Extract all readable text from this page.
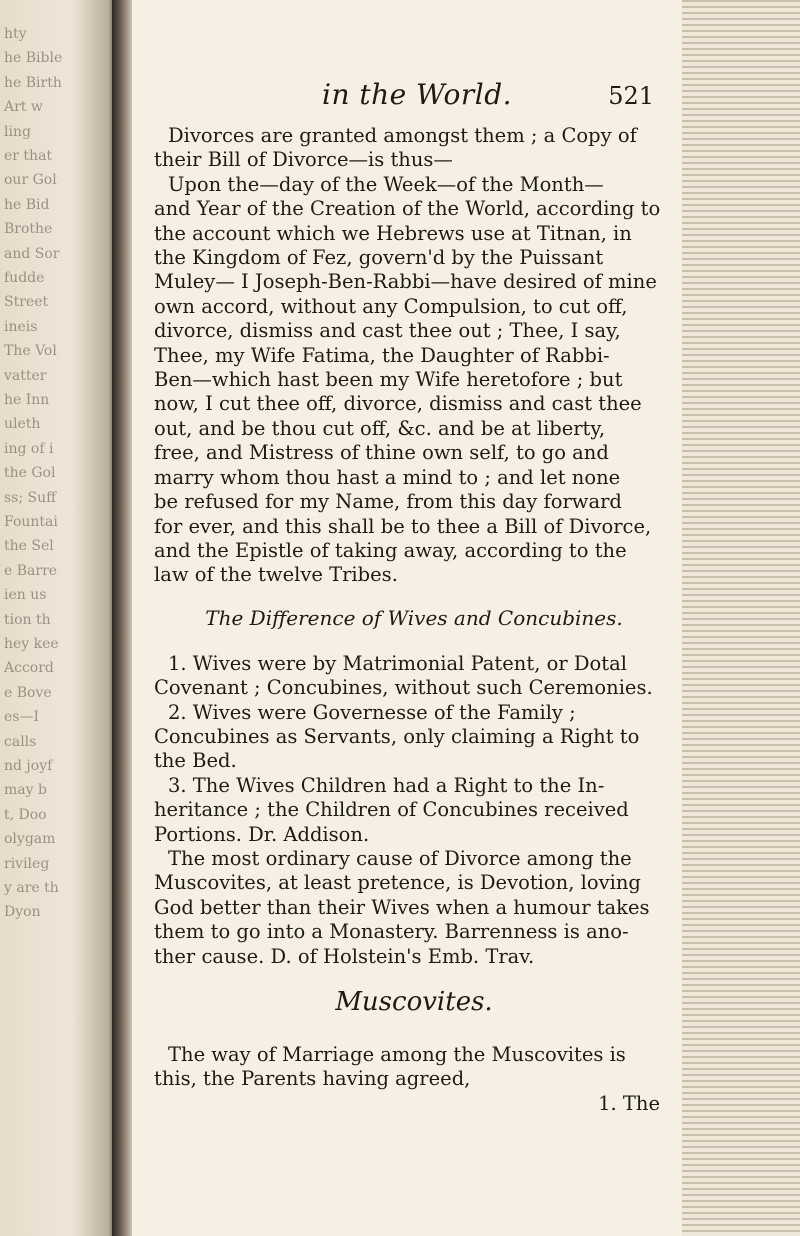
hty
he Bible
he Birth
Art w
ling
er that
our Gol
he Bid
Brothe
and Sor
fudde
Street
ineis
The Vol
vatter
he Inn
uleth
ing of i
the Gol
ss; Suff
Fountai
the Sel
e Barre
ien us
tion th
hey kee
Accord
e Bove
es—I
calls
nd joyf
may b
t, Doo
olygam
rivileg
y are th
Dyon
in the World.	521
Divorces are granted amongst them ; a Copy of
their Bill of Divorce—is thus—
Upon the—day of the Week—of the Month—
and Year of the Creation of the World, according to
the account which we Hebrews use at Titnan, in
the Kingdom of Fez, govern'd by the Puissant
Muley— I Joseph-Ben-Rabbi—have desired of mine
own accord, without any Compulsion, to cut off,
divorce, dismiss and cast thee out ; Thee, I say,
Thee, my Wife Fatima, the Daughter of Rabbi-
Ben—which hast been my Wife heretofore ; but
now, I cut thee off, divorce, dismiss and cast thee
out, and be thou cut off, &c. and be at liberty,
free, and Mistress of thine own self, to go and
marry whom thou hast a mind to ; and let none
be refused for my Name, from this day forward
for ever, and this shall be to thee a Bill of Divorce,
and the Epistle of taking away, according to the
law of the twelve Tribes.
The Difference of Wives and Concubines.
1. Wives were by Matrimonial Patent, or Dotal
Covenant ; Concubines, without such Ceremonies.
2. Wives were Governesse of the Family ;
Concubines as Servants, only claiming a Right to
the Bed.
3. The Wives Children had a Right to the In-
heritance ; the Children of Concubines received
Portions. Dr. Addison.
The most ordinary cause of Divorce among the
Muscovites, at least pretence, is Devotion, loving
God better than their Wives when a humour takes
them to go into a Monastery. Barrenness is ano-
ther cause. D. of Holstein's Emb. Trav.
Muscovites.
The way of Marriage among the Muscovites is
this, the Parents having agreed,
1. The
